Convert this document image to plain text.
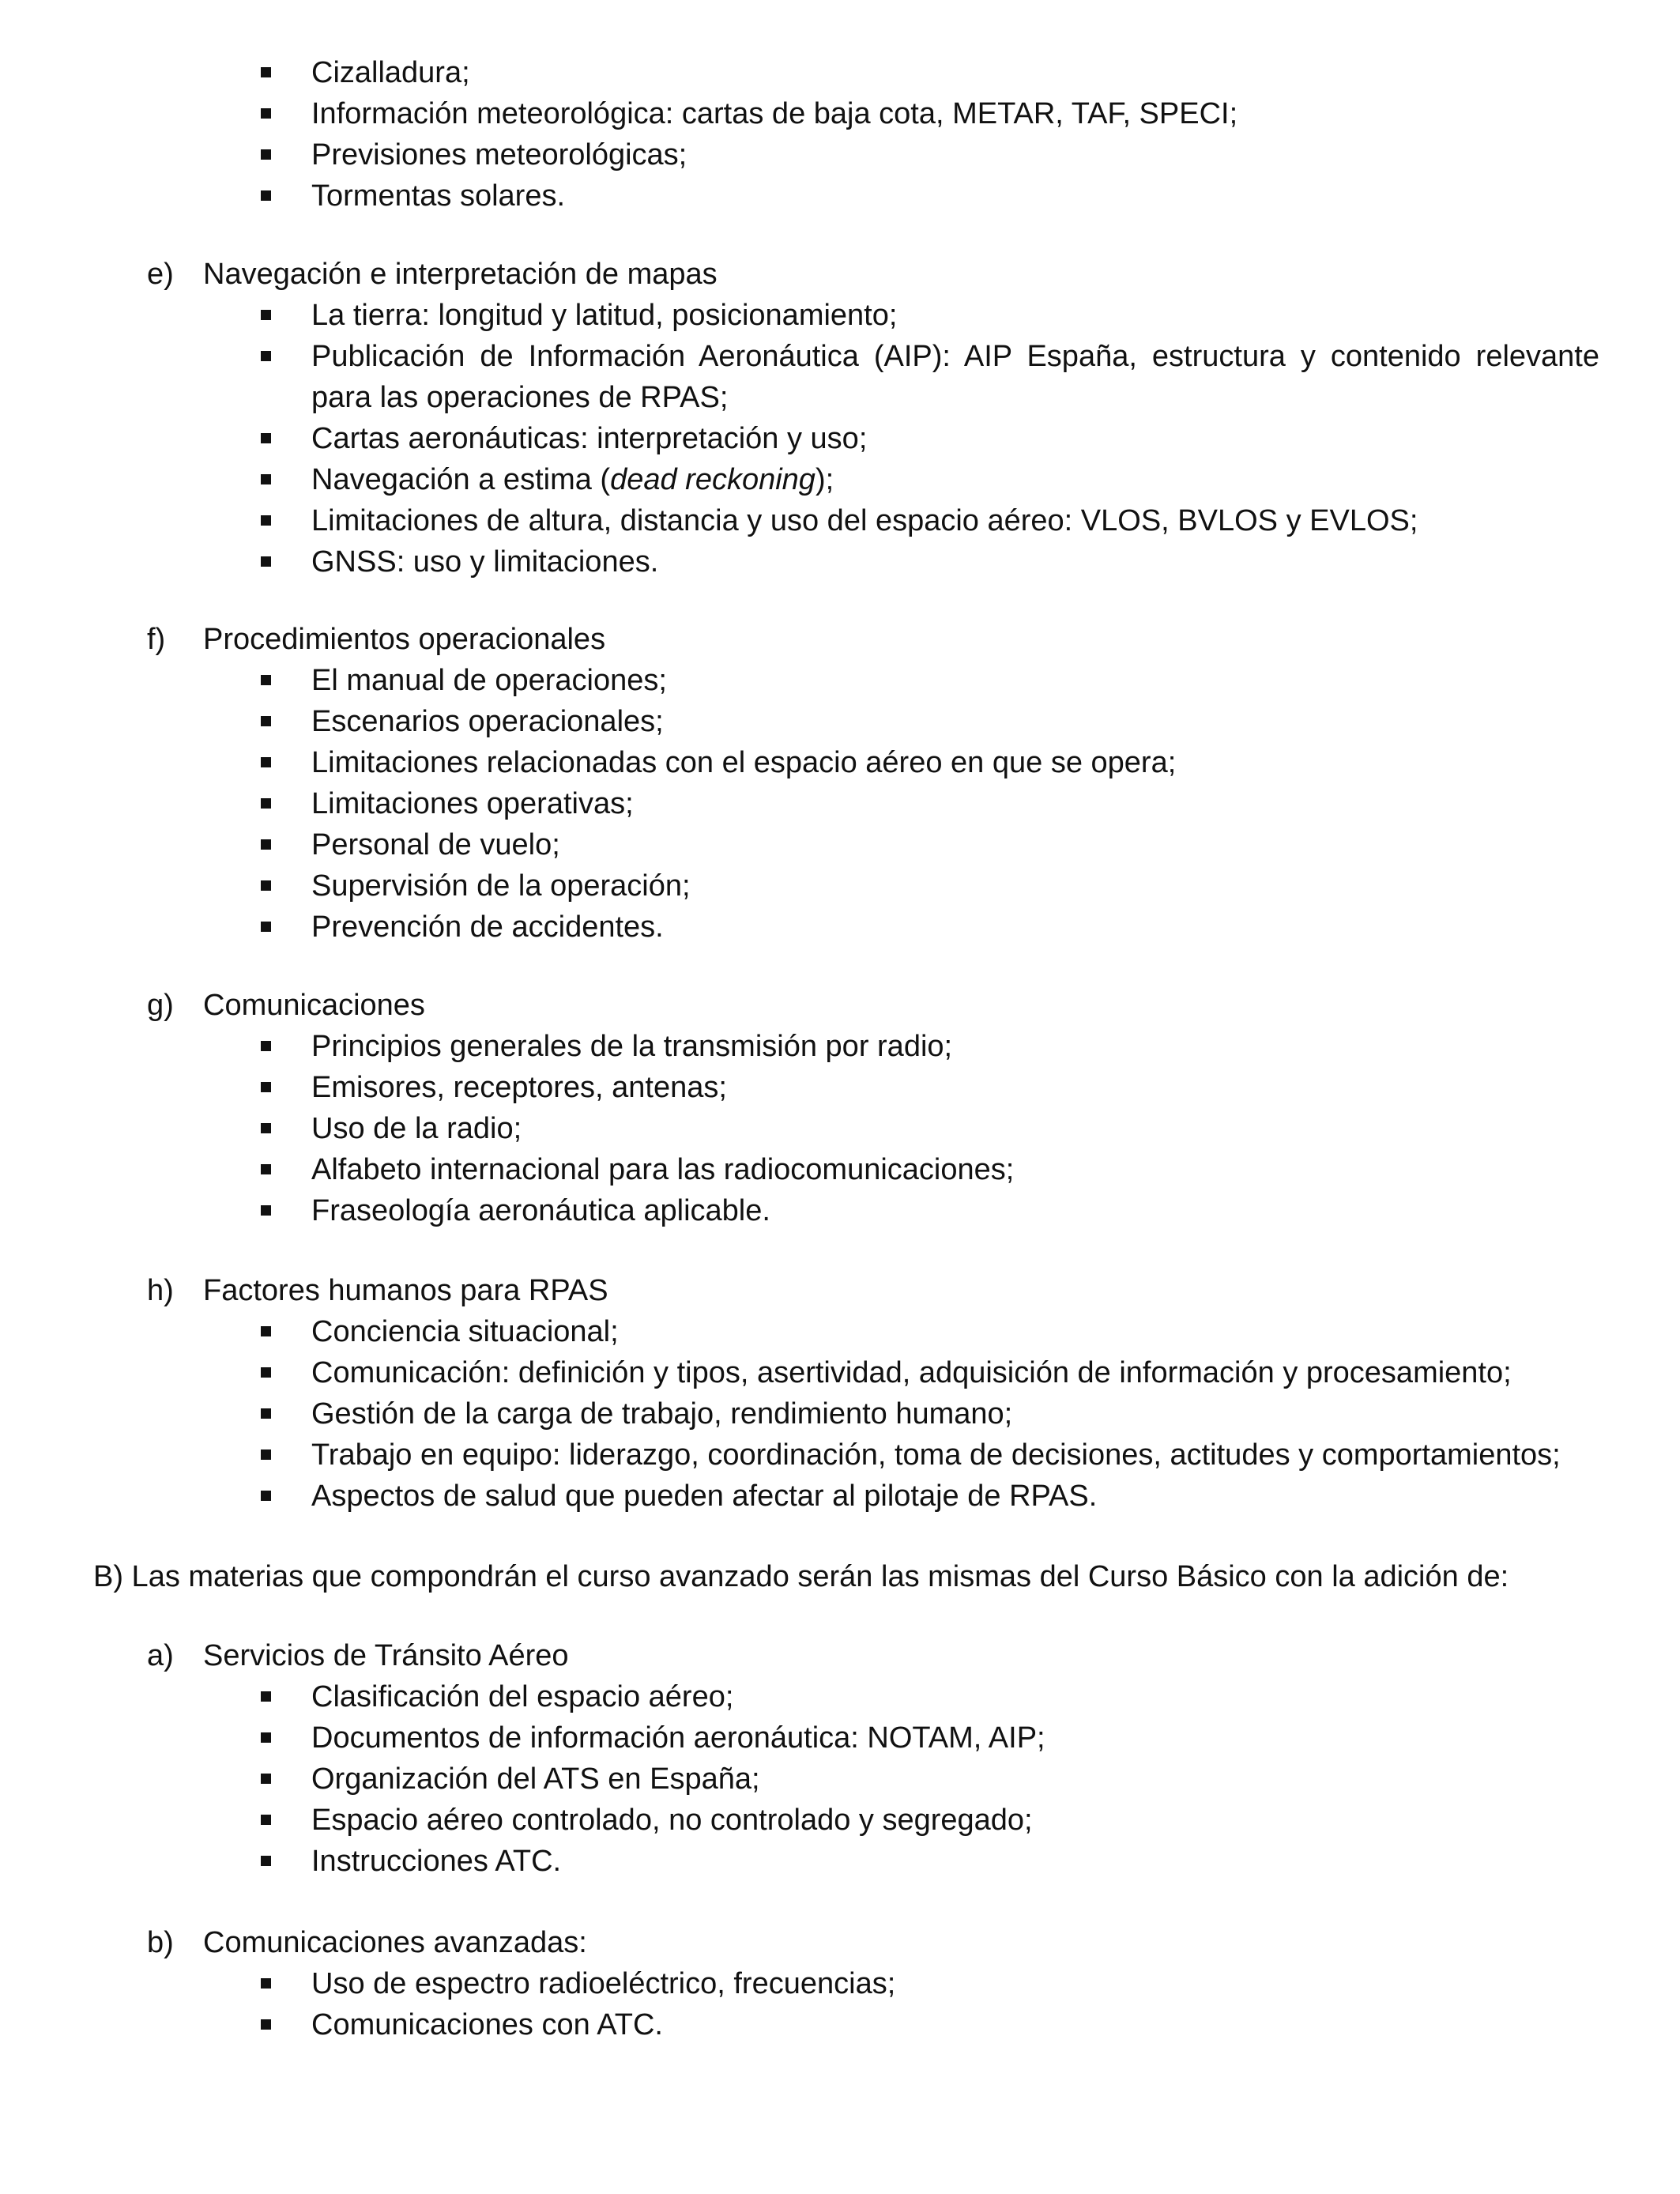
Cizalladura;
Información meteorológica: cartas de baja cota, METAR, TAF, SPECI;
Previsiones meteorológicas;
Tormentas solares.
e) Navegación e interpretación de mapas
La tierra: longitud y latitud, posicionamiento;
Publicación de Información Aeronáutica (AIP): AIP España, estructura y contenido relevante
para las operaciones de RPAS;
Cartas aeronáuticas: interpretación y uso;
Navegación a estima (dead reckoning);
Limitaciones de altura, distancia y uso del espacio aéreo: VLOS, BVLOS y EVLOS;
GNSS: uso y limitaciones.
f) Procedimientos operacionales
El manual de operaciones;
Escenarios operacionales;
Limitaciones relacionadas con el espacio aéreo en que se opera;
Limitaciones operativas;
Personal de vuelo;
Supervisión de la operación;
Prevención de accidentes.
g) Comunicaciones
Principios generales de la transmisión por radio;
Emisores, receptores, antenas;
Uso de la radio;
Alfabeto internacional para las radiocomunicaciones;
Fraseología aeronáutica aplicable.
h) Factores humanos para RPAS
Conciencia situacional;
Comunicación: definición y tipos, asertividad, adquisición de información y procesamiento;
Gestión de la carga de trabajo, rendimiento humano;
Trabajo en equipo: liderazgo, coordinación, toma de decisiones, actitudes y comportamientos;
Aspectos de salud que pueden afectar al pilotaje de RPAS.
B) Las materias que compondrán el curso avanzado serán las mismas del Curso Básico con la adición de:
a) Servicios de Tránsito Aéreo
Clasificación del espacio aéreo;
Documentos de información aeronáutica: NOTAM, AIP;
Organización del ATS en España;
Espacio aéreo controlado, no controlado y segregado;
Instrucciones ATC.
b) Comunicaciones avanzadas:
Uso de espectro radioeléctrico, frecuencias;
Comunicaciones con ATC.
